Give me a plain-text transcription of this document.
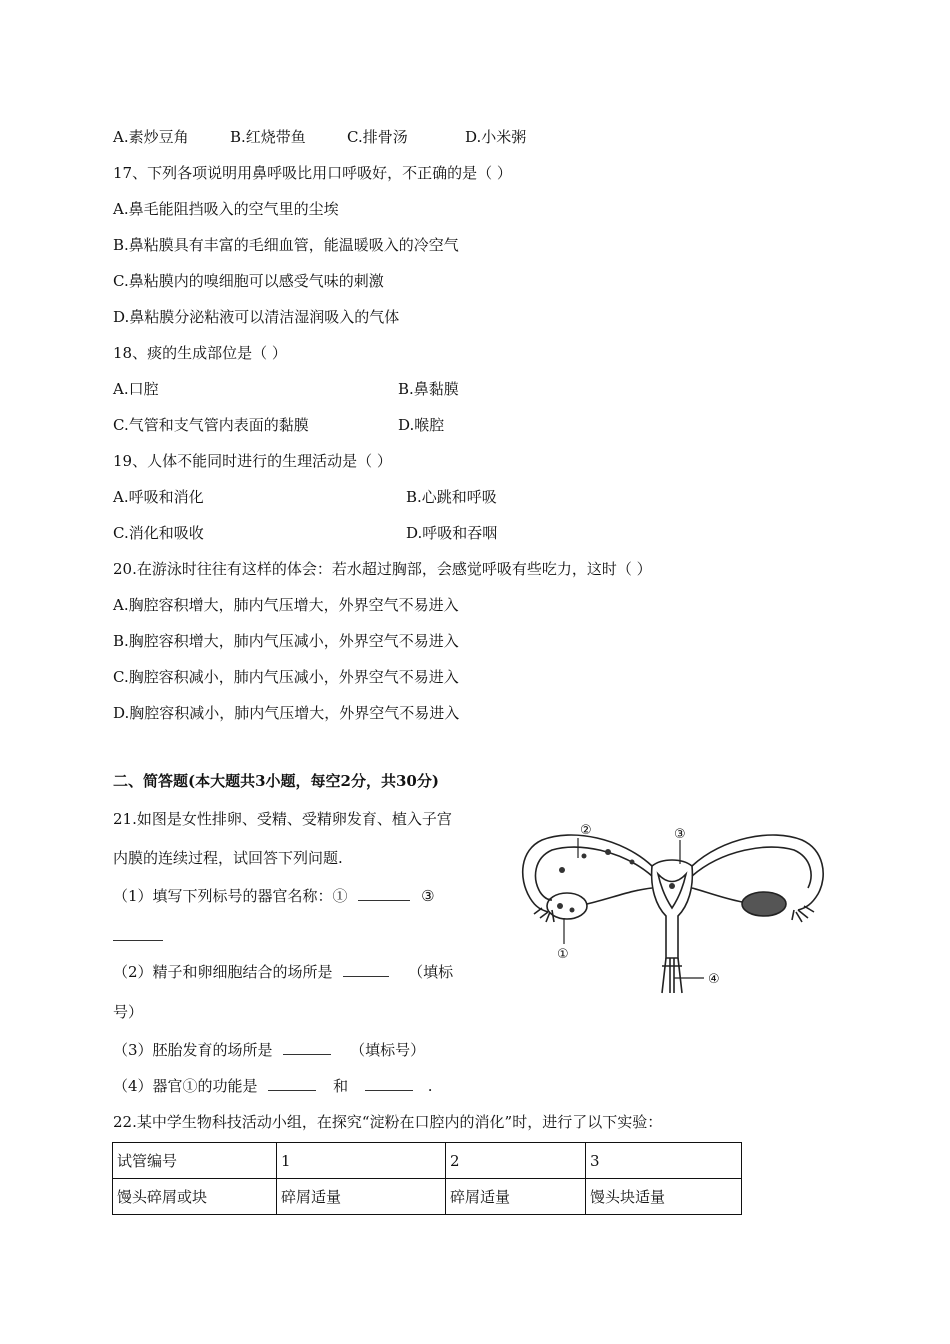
A.素炒豆角	B.红烧带鱼	C.排骨汤	D.小米粥
17、下列各项说明用鼻呼吸比用口呼吸好，不正确的是（ ）
A.鼻毛能阻挡吸入的空气里的尘埃
B.鼻粘膜具有丰富的毛细血管，能温暖吸入的冷空气
C.鼻粘膜内的嗅细胞可以感受气味的刺激
D.鼻粘膜分泌粘液可以清洁湿润吸入的气体
18、痰的生成部位是（ ）
A.口腔	B.鼻黏膜
C.气管和支气管内表面的黏膜	D.喉腔
19、人体不能同时进行的生理活动是（ ）
A.呼吸和消化	B.心跳和呼吸
C.消化和吸收	D.呼吸和吞咽
20.在游泳时往往有这样的体会：若水超过胸部，会感觉呼吸有些吃力，这时（ ）
A.胸腔容积增大，肺内气压增大，外界空气不易进入
B.胸腔容积增大，肺内气压减小，外界空气不易进入
C.胸腔容积减小，肺内气压减小，外界空气不易进入
D.胸腔容积减小，肺内气压增大，外界空气不易进入
二、简答题(本大题共3小题，每空2分，共30分)
21.如图是女性排卵、受精、受精卵发育、植入子宫
内膜的连续过程，试回答下列问题.
（1）填写下列标号的器官名称：①	③
（2）精子和卵细胞结合的场所是	（填标
号）
（3）胚胎发育的场所是	（填标号）
（4）器官①的功能是	和	.
②	③
①
④
22.某中学生物科技活动小组，在探究“淀粉在口腔内的消化”时，进行了以下实验：
试管编号	1	2	3
馒头碎屑或块	碎屑适量	碎屑适量	馒头块适量
